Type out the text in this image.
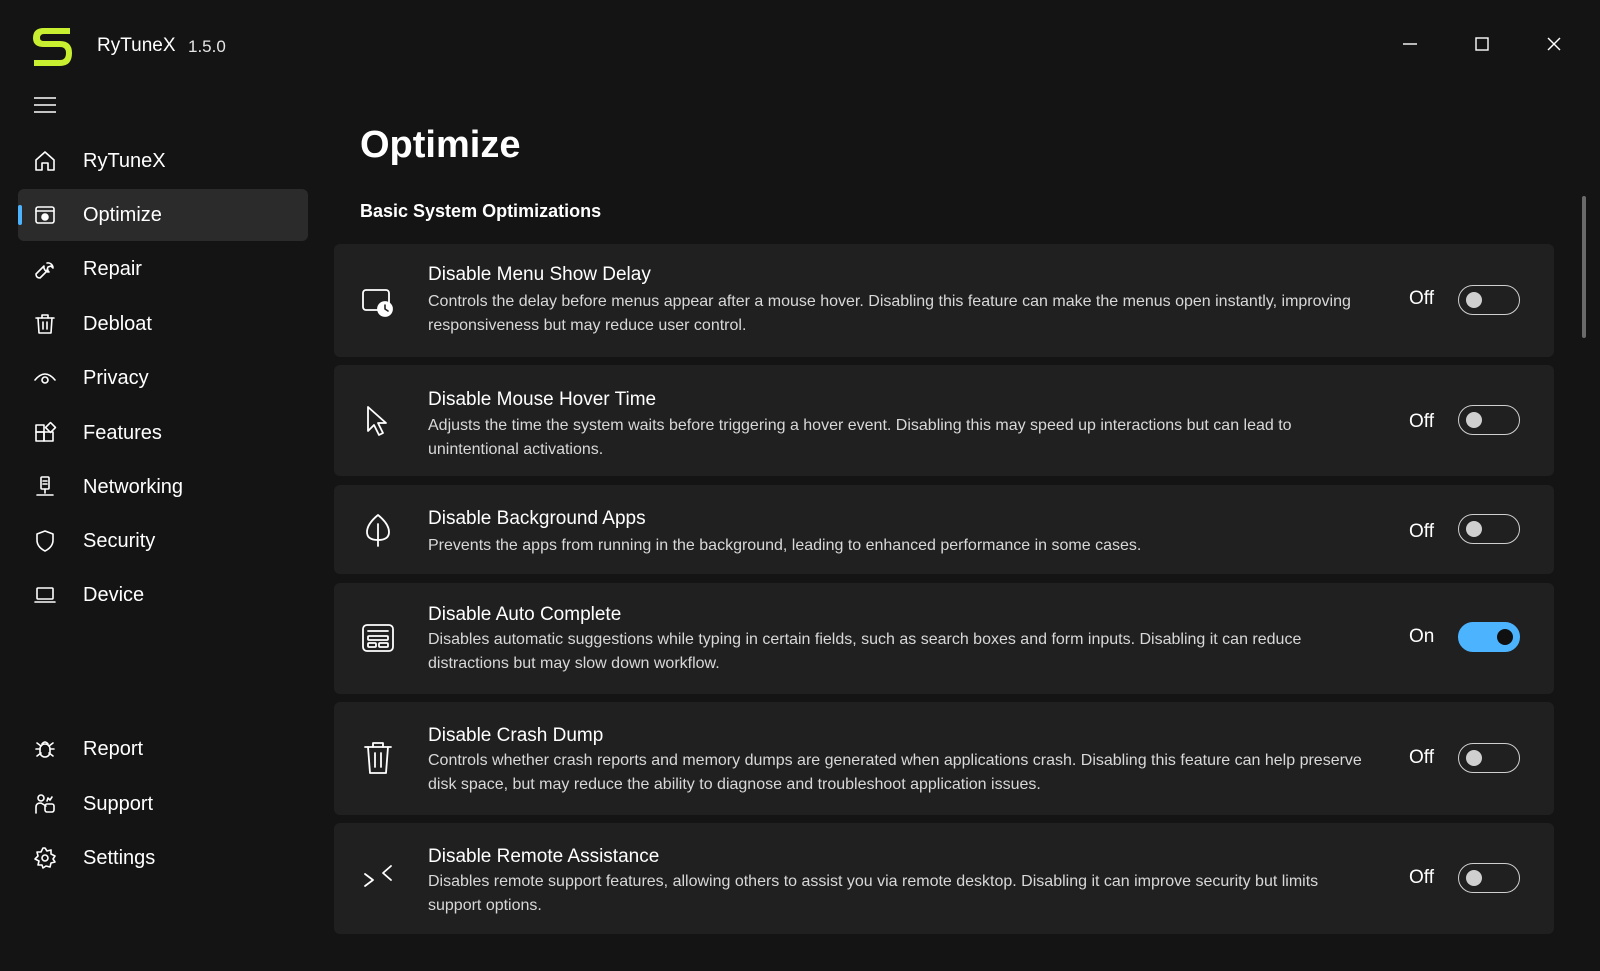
RyTuneX 1.5.0
RyTuneX
Optimize
Repair
Debloat
Privacy
Features
Networking
Security
Device
Report
Support
Settings
Optimize
Basic System Optimizations
Disable Menu Show Delay
Controls the delay before menus appear after a mouse hover. Disabling this feature can make the menus open instantly, improving responsiveness but may reduce user control.
Off
Disable Mouse Hover Time
Adjusts the time the system waits before triggering a hover event. Disabling this may speed up interactions but can lead to unintentional activations.
Off
Disable Background Apps
Prevents the apps from running in the background, leading to enhanced performance in some cases.
Off
Disable Auto Complete
Disables automatic suggestions while typing in certain fields, such as search boxes and form inputs. Disabling it can reduce distractions but may slow down workflow.
On
Disable Crash Dump
Controls whether crash reports and memory dumps are generated when applications crash. Disabling this feature can help preserve disk space, but may reduce the ability to diagnose and troubleshoot application issues.
Off
Disable Remote Assistance
Disables remote support features, allowing others to assist you via remote desktop. Disabling it can improve security but limits support options.
Off
